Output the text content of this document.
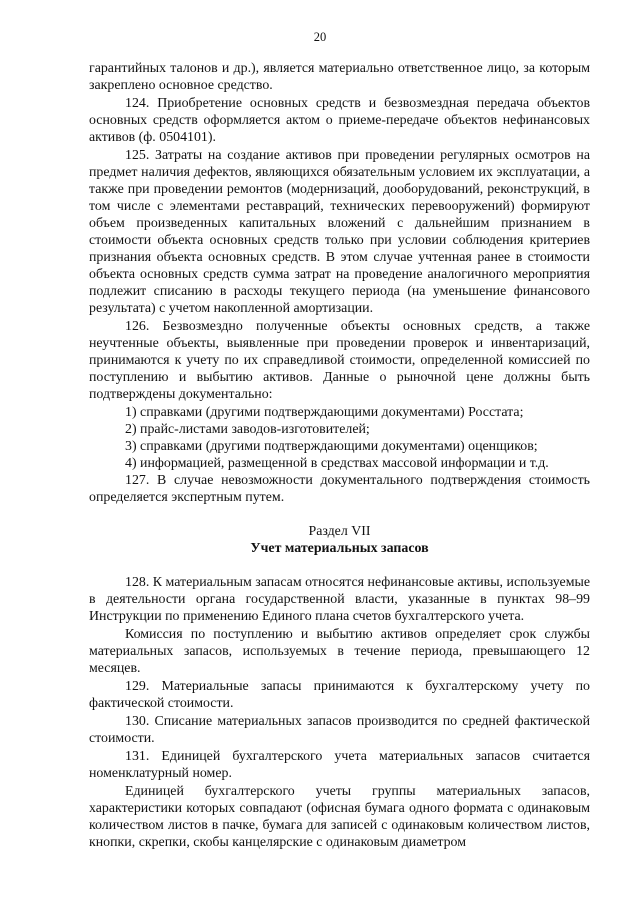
20

гарантийных талонов и др.), является материально ответственное лицо, за которым закреплено основное средство.

124. Приобретение основных средств и безвозмездная передача объектов основных средств оформляется актом о приеме-передаче объектов нефинансовых активов (ф. 0504101).

125. Затраты на создание активов при проведении регулярных осмотров на предмет наличия дефектов, являющихся обязательным условием их эксплуатации, а также при проведении ремонтов (модернизаций, дооборудований, реконструкций, в том числе с элементами реставраций, технических перевооружений) формируют объем произведенных капитальных вложений с дальнейшим признанием в стоимости объекта основных средств только при условии соблюдения критериев признания объекта основных средств. В этом случае учтенная ранее в стоимости объекта основных средств сумма затрат на проведение аналогичного мероприятия подлежит списанию в расходы текущего периода (на уменьшение финансового результата) с учетом накопленной амортизации.

126. Безвозмездно полученные объекты основных средств, а также неучтенные объекты, выявленные при проведении проверок и инвентаризаций, принимаются к учету по их справедливой стоимости, определенной комиссией по поступлению и выбытию активов. Данные о рыночной цене должны быть подтверждены документально:

1) справками (другими подтверждающими документами) Росстата;

2) прайс-листами заводов-изготовителей;

3) справками (другими подтверждающими документами) оценщиков;

4) информацией, размещенной в средствах массовой информации и т.д.

127. В случае невозможности документального подтверждения стоимость определяется экспертным путем.

Раздел VII
Учет материальных запасов

128. К материальным запасам относятся нефинансовые активы, используемые в деятельности органа государственной власти, указанные в пунктах 98–99 Инструкции по применению Единого плана счетов бухгалтерского учета.

Комиссия по поступлению и выбытию активов определяет срок службы материальных запасов, используемых в течение периода, превышающего 12 месяцев.

129. Материальные запасы принимаются к бухгалтерскому учету по фактической стоимости.

130. Списание материальных запасов производится по средней фактической стоимости.

131. Единицей бухгалтерского учета материальных запасов считается номенклатурный номер.

Единицей бухгалтерского учеты группы материальных запасов, характеристики которых совпадают (офисная бумага одного формата с одинаковым количеством листов в пачке, бумага для записей с одинаковым количеством листов, кнопки, скрепки, скобы канцелярские с одинаковым диаметром
